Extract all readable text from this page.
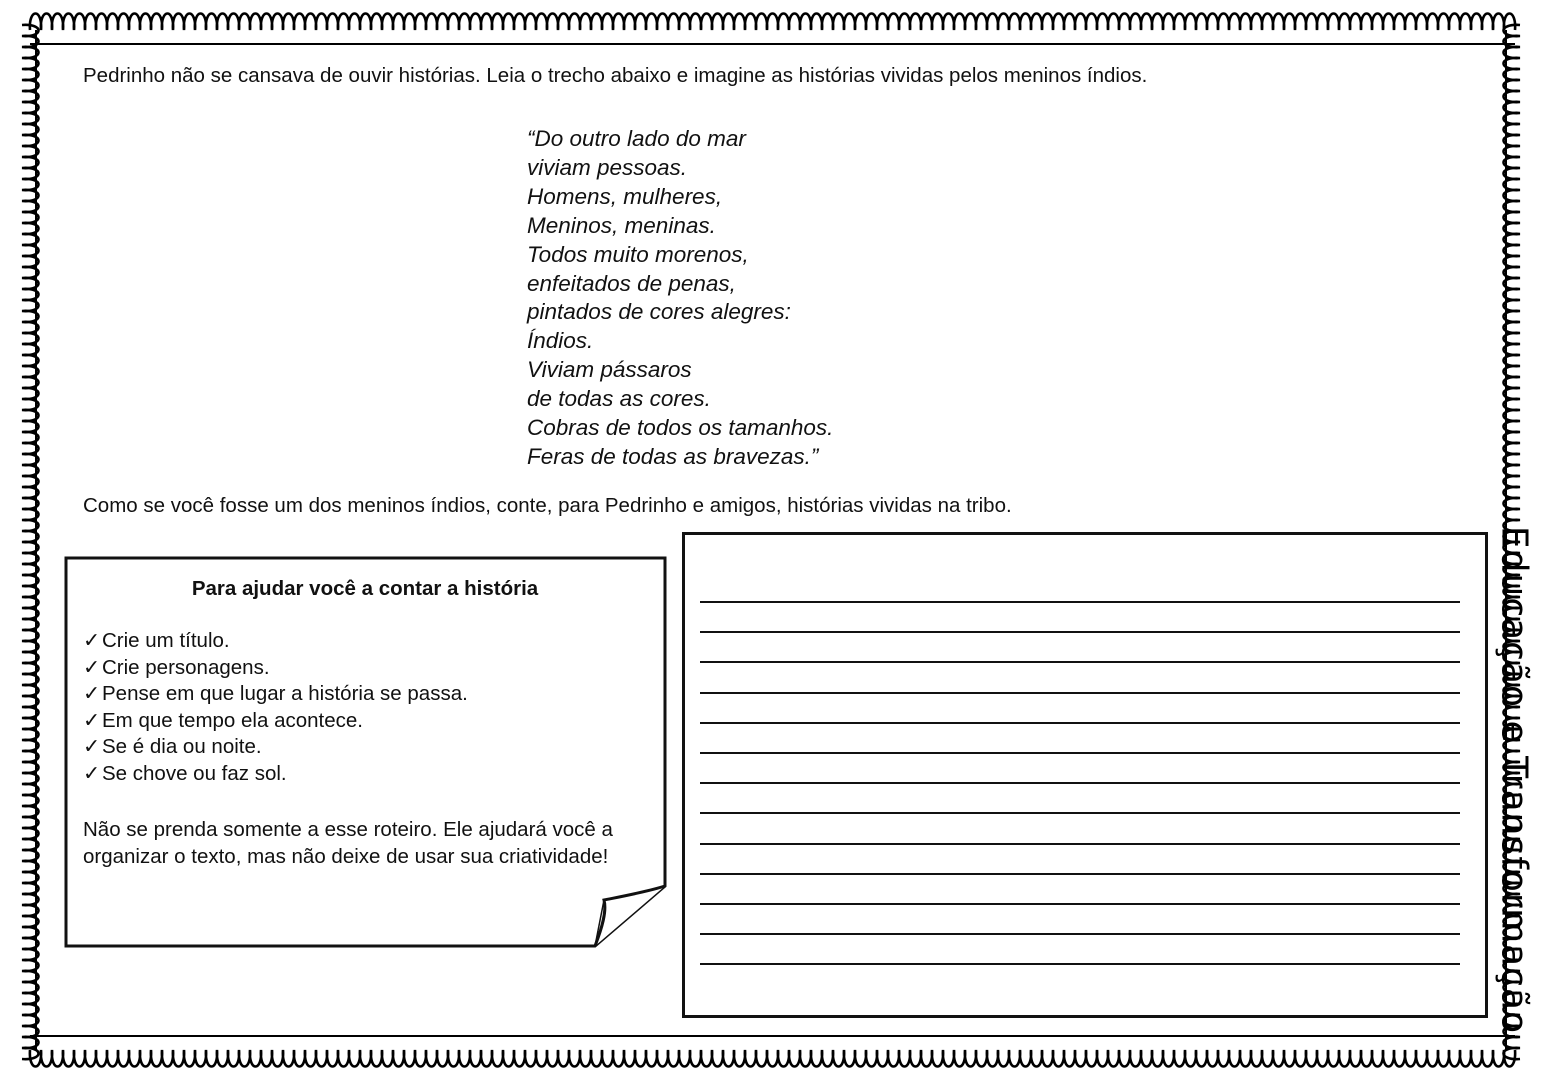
Pedrinho não se cansava de ouvir histórias. Leia o trecho abaixo e imagine as histórias vividas pelos meninos índios.
“Do outro lado do mar
viviam pessoas.
Homens, mulheres,
Meninos, meninas.
Todos muito morenos,
enfeitados de penas,
pintados de cores alegres:
Índios.
Viviam pássaros
de todas as cores.
Cobras de todos os tamanhos.
Feras de todas as bravezas.”
Como se você fosse um dos meninos índios, conte, para Pedrinho e amigos, histórias vividas na tribo.
Para ajudar você a contar a história
✓Crie um título.
✓Crie personagens.
✓Pense em que lugar a história se passa.
✓Em que tempo ela acontece.
✓Se é dia ou noite.
✓Se chove ou faz sol.
Não se prenda somente a esse roteiro. Ele ajudará você a organizar o texto, mas não deixe de usar sua criatividade!	Educação e Transformação
